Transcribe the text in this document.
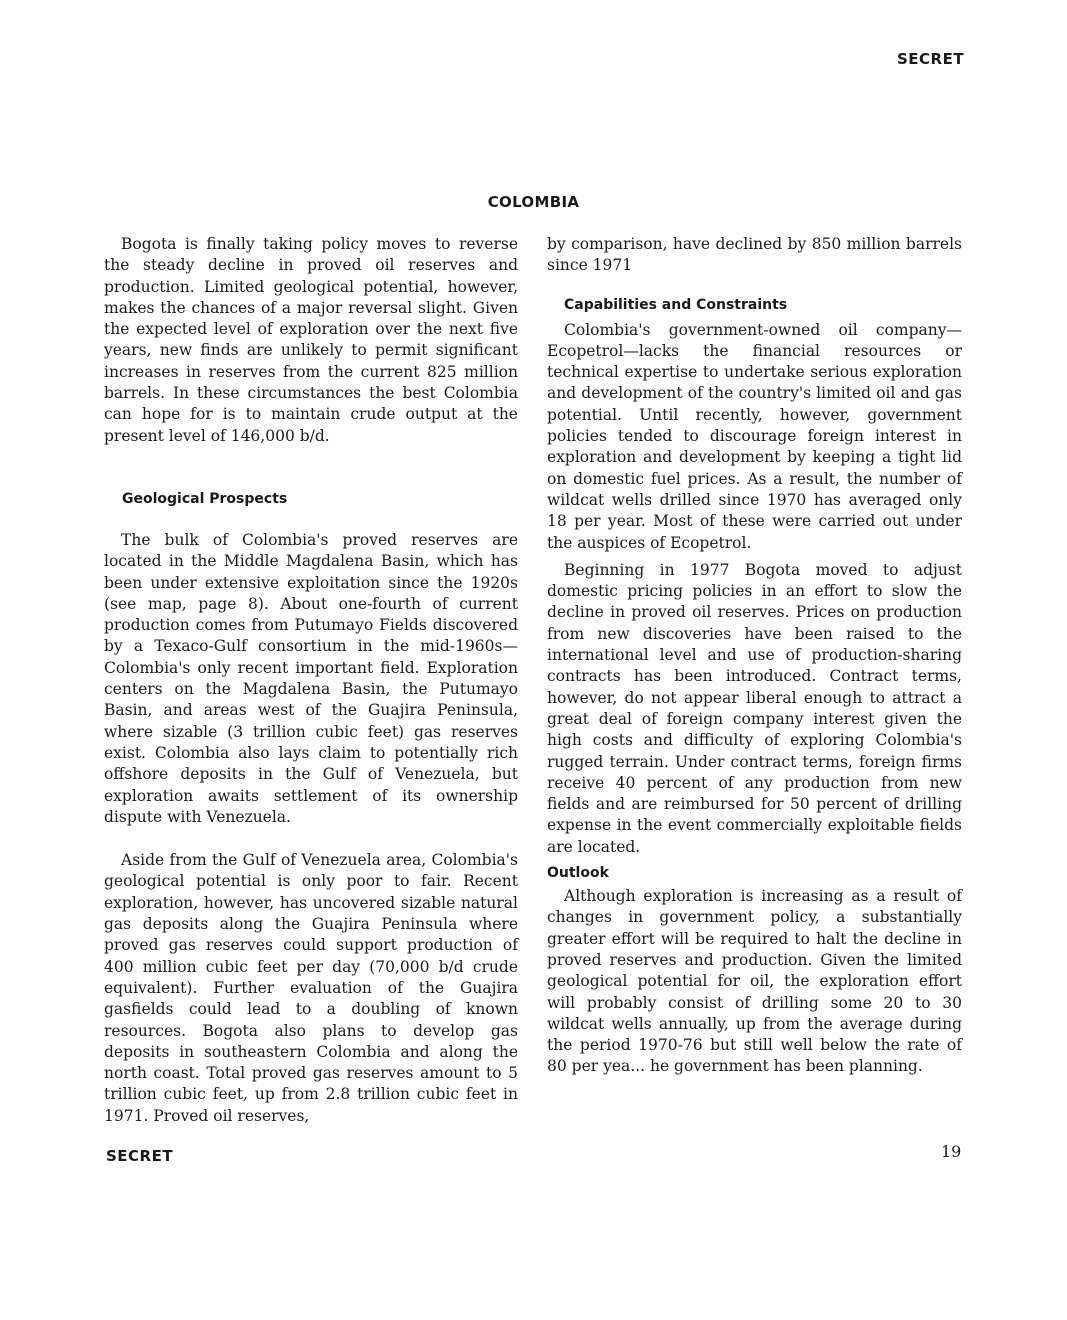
SECRET
COLOMBIA

Bogota is finally taking policy moves to reverse the steady decline in proved oil reserves and production. Limited geological potential, however, makes the chances of a major reversal slight. Given the expected level of exploration over the next five years, new finds are unlikely to permit significant increases in reserves from the current 825 million barrels. In these circumstances the best Colombia can hope for is to maintain crude output at the present level of 146,000 b/d.

Geological Prospects

The bulk of Colombia's proved reserves are located in the Middle Magdalena Basin, which has been under extensive exploitation since the 1920s (see map, page 8). About one-fourth of current production comes from Putumayo Fields discovered by a Texaco-Gulf consortium in the mid-1960s—Colombia's only recent important field. Exploration centers on the Magdalena Basin, the Putumayo Basin, and areas west of the Guajira Peninsula, where sizable (3 trillion cubic feet) gas reserves exist. Colombia also lays claim to potentially rich offshore deposits in the Gulf of Venezuela, but exploration awaits settlement of its ownership dispute with Venezuela.

Aside from the Gulf of Venezuela area, Colombia's geological potential is only poor to fair. Recent exploration, however, has uncovered sizable natural gas deposits along the Guajira Peninsula where proved gas reserves could support production of 400 million cubic feet per day (70,000 b/d crude equivalent). Further evaluation of the Guajira gasfields could lead to a doubling of known resources. Bogota also plans to develop gas deposits in southeastern Colombia and along the north coast. Total proved gas reserves amount to 5 trillion cubic feet, up from 2.8 trillion cubic feet in 1971. Proved oil reserves,

by comparison, have declined by 850 million barrels since 1971

Capabilities and Constraints

Colombia's government-owned oil company—Ecopetrol—lacks the financial resources or technical expertise to undertake serious exploration and development of the country's limited oil and gas potential. Until recently, however, government policies tended to discourage foreign interest in exploration and development by keeping a tight lid on domestic fuel prices. As a result, the number of wildcat wells drilled since 1970 has averaged only 18 per year. Most of these were carried out under the auspices of Ecopetrol.

Beginning in 1977 Bogota moved to adjust domestic pricing policies in an effort to slow the decline in proved oil reserves. Prices on production from new discoveries have been raised to the international level and use of production-sharing contracts has been introduced. Contract terms, however, do not appear liberal enough to attract a great deal of foreign company interest given the high costs and difficulty of exploring Colombia's rugged terrain. Under contract terms, foreign firms receive 40 percent of any production from new fields and are reimbursed for 50 percent of drilling expense in the event commercially exploitable fields are located.

Outlook

Although exploration is increasing as a result of changes in government policy, a substantially greater effort will be required to halt the decline in proved reserves and production. Given the limited geological potential for oil, the exploration effort will probably consist of drilling some 20 to 30 wildcat wells annually, up from the average during the period 1970-76 but still well below the rate of 80 per yea... he government has been planning.

SECRET	19
